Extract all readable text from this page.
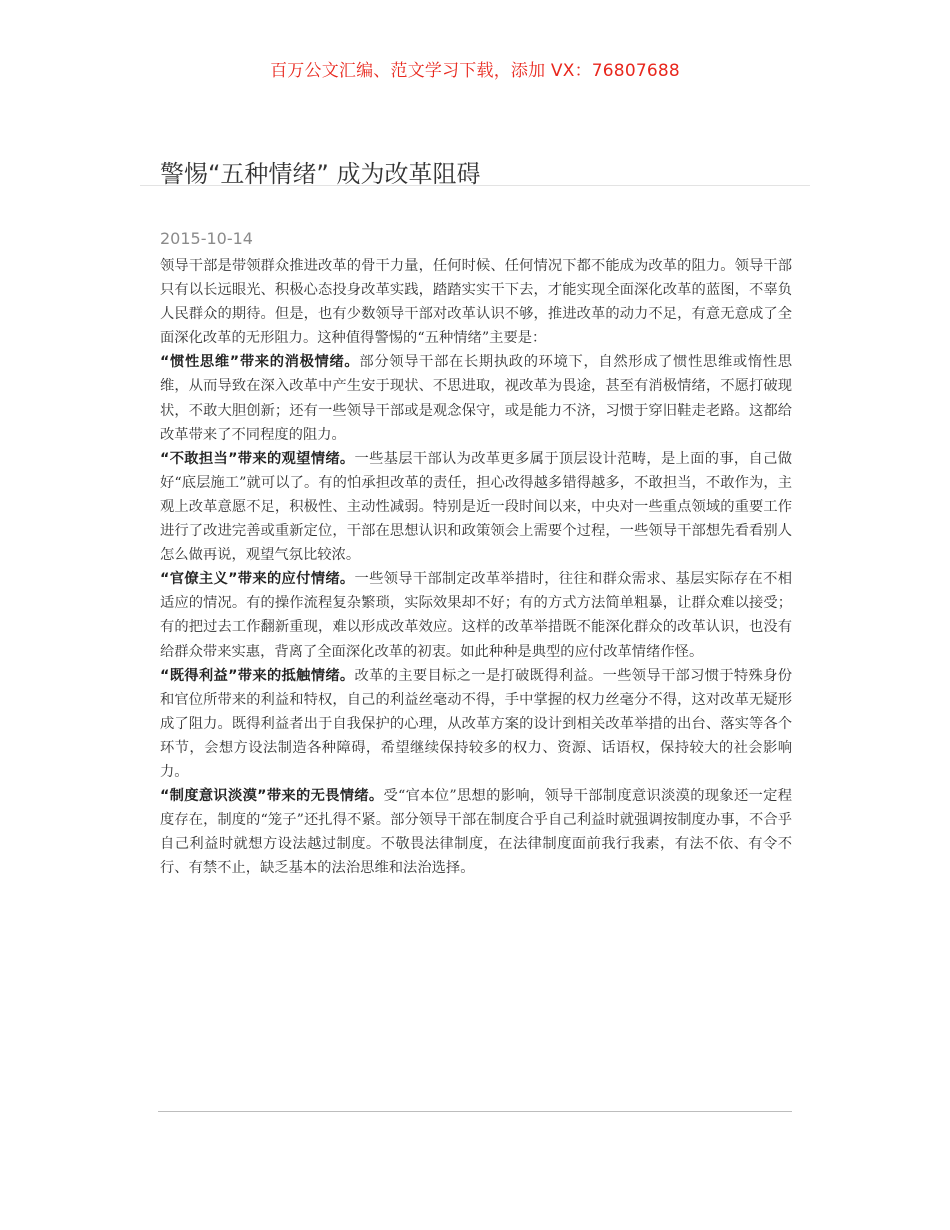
百万公文汇编、范文学习下载，添加 VX：76807688
警惕“五种情绪” 成为改革阻碍
2015-10-14

领导干部是带领群众推进改革的骨干力量，任何时候、任何情况下都不能成为改革的阻力。领导干部只有以长远眼光、积极心态投身改革实践，踏踏实实干下去，才能实现全面深化改革的蓝图，不辜负人民群众的期待。但是，也有少数领导干部对改革认识不够，推进改革的动力不足，有意无意成了全面深化改革的无形阻力。这种值得警惕的“五种情绪”主要是：

“惯性思维”带来的消极情绪。部分领导干部在长期执政的环境下，自然形成了惯性思维或惰性思维，从而导致在深入改革中产生安于现状、不思进取，视改革为畏途，甚至有消极情绪，不愿打破现状，不敢大胆创新；还有一些领导干部或是观念保守，或是能力不济，习惯于穿旧鞋走老路。这都给改革带来了不同程度的阻力。

“不敢担当”带来的观望情绪。一些基层干部认为改革更多属于顶层设计范畴，是上面的事，自己做好“底层施工”就可以了。有的怕承担改革的责任，担心改得越多错得越多，不敢担当，不敢作为，主观上改革意愿不足，积极性、主动性减弱。特别是近一段时间以来，中央对一些重点领域的重要工作进行了改进完善或重新定位，干部在思想认识和政策领会上需要个过程，一些领导干部想先看看别人怎么做再说，观望气氛比较浓。

“官僚主义”带来的应付情绪。一些领导干部制定改革举措时，往往和群众需求、基层实际存在不相适应的情况。有的操作流程复杂繁琐，实际效果却不好；有的方式方法简单粗暴，让群众难以接受；有的把过去工作翻新重现，难以形成改革效应。这样的改革举措既不能深化群众的改革认识，也没有给群众带来实惠，背离了全面深化改革的初衷。如此种种是典型的应付改革情绪作怪。

“既得利益”带来的抵触情绪。改革的主要目标之一是打破既得利益。一些领导干部习惯于特殊身份和官位所带来的利益和特权，自己的利益丝毫动不得，手中掌握的权力丝毫分不得，这对改革无疑形成了阻力。既得利益者出于自我保护的心理，从改革方案的设计到相关改革举措的出台、落实等各个环节，会想方设法制造各种障碍，希望继续保持较多的权力、资源、话语权，保持较大的社会影响力。

“制度意识淡漠”带来的无畏情绪。受“官本位”思想的影响，领导干部制度意识淡漠的现象还一定程度存在，制度的“笼子”还扎得不紧。部分领导干部在制度合乎自己利益时就强调按制度办事，不合乎自己利益时就想方设法越过制度。不敬畏法律制度，在法律制度面前我行我素，有法不依、有令不行、有禁不止，缺乏基本的法治思维和法治选择。
